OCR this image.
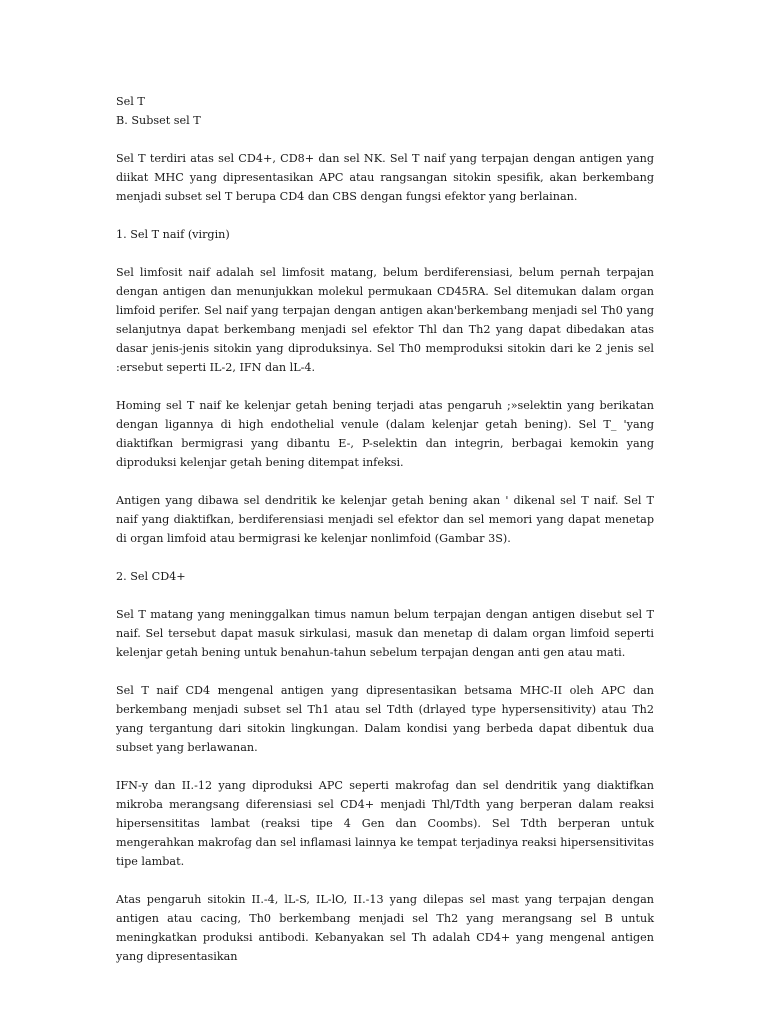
Sel T

B. Subset sel T

Sel T terdiri atas sel CD4+, CD8+ dan sel NK. Sel T naif yang terpajan dengan antigen yang diikat MHC yang dipresentasikan APC atau rangsangan sitokin spesifik, akan berkembang menjadi subset sel T berupa CD4 dan CBS dengan fungsi efektor yang berlainan.

1. Sel T naif (virgin)

Sel limfosit naif adalah sel limfosit matang, belum berdiferensiasi, belum pernah terpajan dengan antigen dan menunjukkan molekul permukaan CD45RA. Sel ditemukan dalam organ limfoid perifer. Sel naif yang terpajan dengan antigen akan'berkembang menjadi sel Th0 yang selanjutnya dapat berkembang menjadi sel efektor Thl dan Th2 yang dapat dibedakan atas dasar jenis-jenis sitokin yang diproduksinya. Sel Th0 memproduksi sitokin dari ke 2 jenis sel :ersebut seperti IL-2, IFN dan lL-4.

Homing sel T naif ke kelenjar getah bening terjadi atas pengaruh ;»selektin yang berikatan dengan ligannya di high endothelial venule (dalam kelenjar getah bening). Sel T_ 'yang diaktifkan bermigrasi yang dibantu E-, P-selektin dan integrin, berbagai kemokin yang diproduksi kelenjar getah bening ditempat infeksi.

Antigen yang dibawa sel dendritik ke kelenjar getah bening akan ' dikenal sel T naif. Sel T naif yang diaktifkan, berdiferensiasi menjadi sel efektor dan sel memori yang dapat menetap di organ limfoid atau bermigrasi ke kelenjar nonlimfoid (Gambar 3S).

2. Sel CD4+

Sel T matang yang meninggalkan timus namun belum terpajan dengan antigen disebut sel T naif. Sel tersebut dapat masuk sirkulasi, masuk dan menetap di dalam organ limfoid seperti kelenjar getah bening untuk benahun-tahun sebelum terpajan dengan anti gen atau mati.

Sel T naif CD4 mengenal antigen yang dipresentasikan betsama MHC-II oleh APC dan berkembang menjadi subset sel Th1 atau sel Tdth (drlayed type hypersensitivity) atau Th2 yang tergantung dari sitokin lingkungan. Dalam kondisi yang berbeda dapat dibentuk dua subset yang berlawanan.

IFN-y dan II.-12 yang diproduksi APC seperti makrofag dan sel dendritik yang diaktifkan mikroba merangsang diferensiasi sel CD4+ menjadi Thl/Tdth yang berperan dalam reaksi hipersensititas lambat (reaksi tipe 4 Gen dan Coombs). Sel Tdth berperan untuk mengerahkan makrofag dan sel inflamasi lainnya ke tempat terjadinya reaksi hipersensitivitas tipe lambat.

Atas pengaruh sitokin II.-4, lL-S, IL-lO, II.-13 yang dilepas sel mast yang terpajan dengan antigen atau cacing, Th0 berkembang menjadi sel Th2 yang merangsang sel B untuk meningkatkan produksi antibodi. Kebanyakan sel Th adalah CD4+ yang mengenal antigen yang dipresentasikan
